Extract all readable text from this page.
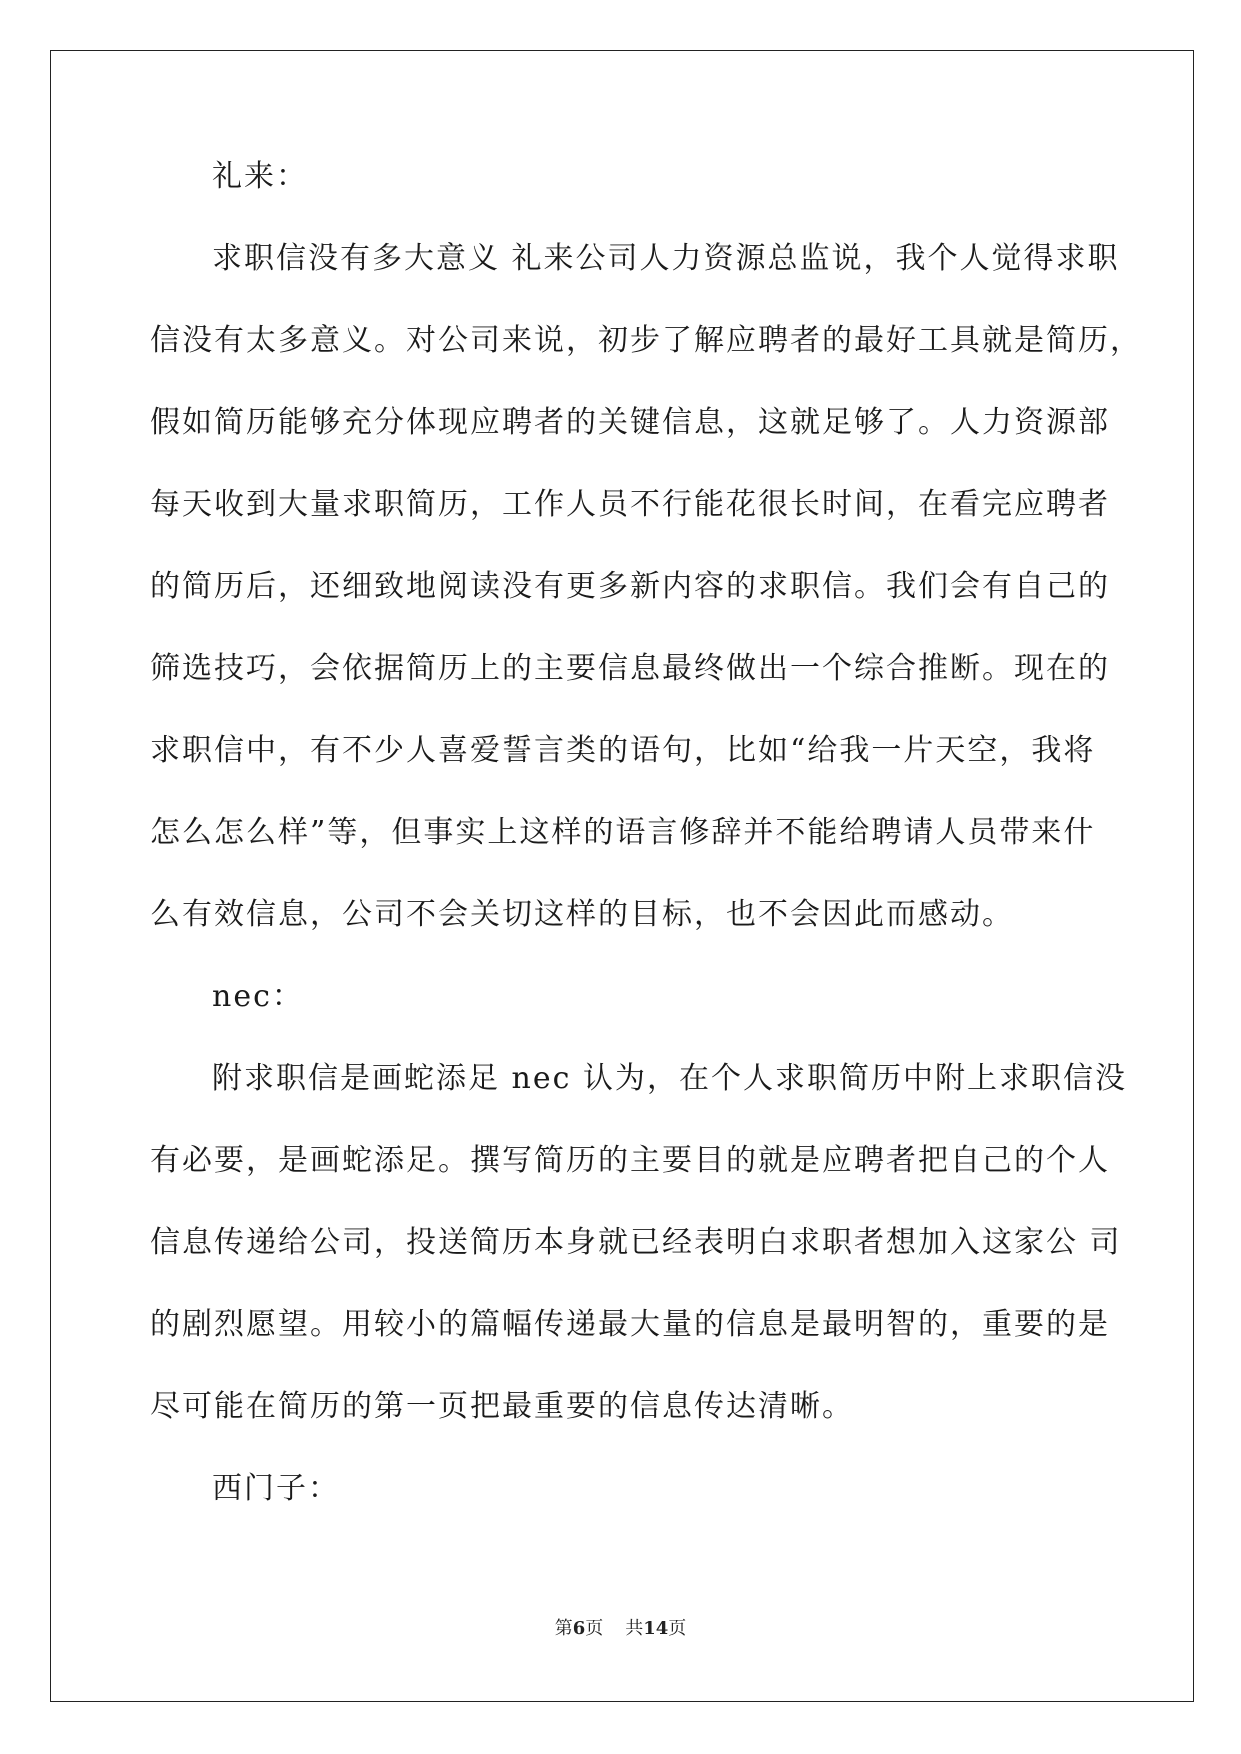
礼来：
求职信没有多大意义 礼来公司人力资源总监说，我个人觉得求职
信没有太多意义。对公司来说，初步了解应聘者的最好工具就是简历，
假如简历能够充分体现应聘者的关键信息，这就足够了。人力资源部
每天收到大量求职简历，工作人员不行能花很长时间，在看完应聘者
的简历后，还细致地阅读没有更多新内容的求职信。我们会有自己的
筛选技巧，会依据简历上的主要信息最终做出一个综合推断。现在的
求职信中，有不少人喜爱誓言类的语句，比如“给我一片天空，我将
怎么怎么样”等，但事实上这样的语言修辞并不能给聘请人员带来什
么有效信息，公司不会关切这样的目标，也不会因此而感动。
nec：
附求职信是画蛇添足 nec 认为，在个人求职简历中附上求职信没
有必要，是画蛇添足。撰写简历的主要目的就是应聘者把自己的个人
信息传递给公司，投送简历本身就已经表明白求职者想加入这家公 司
的剧烈愿望。用较小的篇幅传递最大量的信息是最明智的，重要的是
尽可能在简历的第一页把最重要的信息传达清晰。
西门子：
第6页 共14页
